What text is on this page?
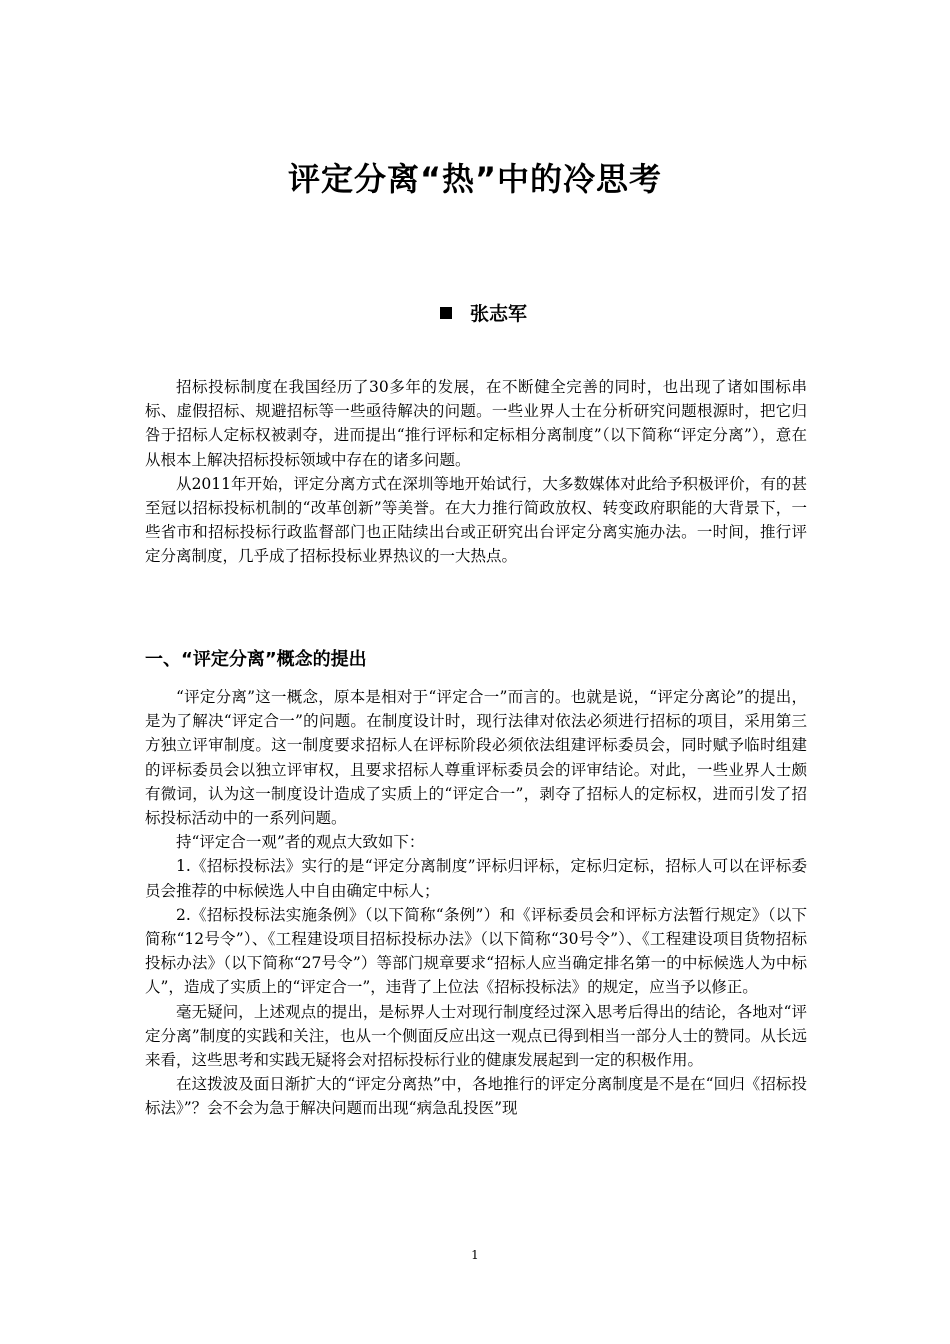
评定分离“热”中的冷思考
张志军

招标投标制度在我国经历了30多年的发展，在不断健全完善的同时，也出现了诸如围标串标、虚假招标、规避招标等一些亟待解决的问题。一些业界人士在分析研究问题根源时，把它归咎于招标人定标权被剥夺，进而提出“推行评标和定标相分离制度”（以下简称“评定分离”），意在从根本上解决招标投标领域中存在的诸多问题。

从2011年开始，评定分离方式在深圳等地开始试行，大多数媒体对此给予积极评价，有的甚至冠以招标投标机制的“改革创新”等美誉。在大力推行简政放权、转变政府职能的大背景下，一些省市和招标投标行政监督部门也正陆续出台或正研究出台评定分离实施办法。一时间，推行评定分离制度，几乎成了招标投标业界热议的一大热点。

一、“评定分离”概念的提出

“评定分离”这一概念，原本是相对于“评定合一”而言的。也就是说，“评定分离论”的提出，是为了解决“评定合一”的问题。在制度设计时，现行法律对依法必须进行招标的项目，采用第三方独立评审制度。这一制度要求招标人在评标阶段必须依法组建评标委员会，同时赋予临时组建的评标委员会以独立评审权，且要求招标人尊重评标委员会的评审结论。对此，一些业界人士颇有微词，认为这一制度设计造成了实质上的“评定合一”，剥夺了招标人的定标权，进而引发了招标投标活动中的一系列问题。

持“评定合一观”者的观点大致如下：

1.《招标投标法》实行的是“评定分离制度”评标归评标，定标归定标，招标人可以在评标委员会推荐的中标候选人中自由确定中标人；

2.《招标投标法实施条例》（以下简称“条例”）和《评标委员会和评标方法暂行规定》（以下简称“12号令”）、《工程建设项目招标投标办法》（以下简称“30号令”）、《工程建设项目货物招标投标办法》（以下简称“27号令”）等部门规章要求“招标人应当确定排名第一的中标候选人为中标人”，造成了实质上的“评定合一”，违背了上位法《招标投标法》的规定，应当予以修正。

毫无疑问，上述观点的提出，是标界人士对现行制度经过深入思考后得出的结论，各地对“评定分离”制度的实践和关注，也从一个侧面反应出这一观点已得到相当一部分人士的赞同。从长远来看，这些思考和实践无疑将会对招标投标行业的健康发展起到一定的积极作用。

在这拨波及面日渐扩大的“评定分离热”中，各地推行的评定分离制度是不是在“回归《招标投标法》”？会不会为急于解决问题而出现“病急乱投医”现

1
